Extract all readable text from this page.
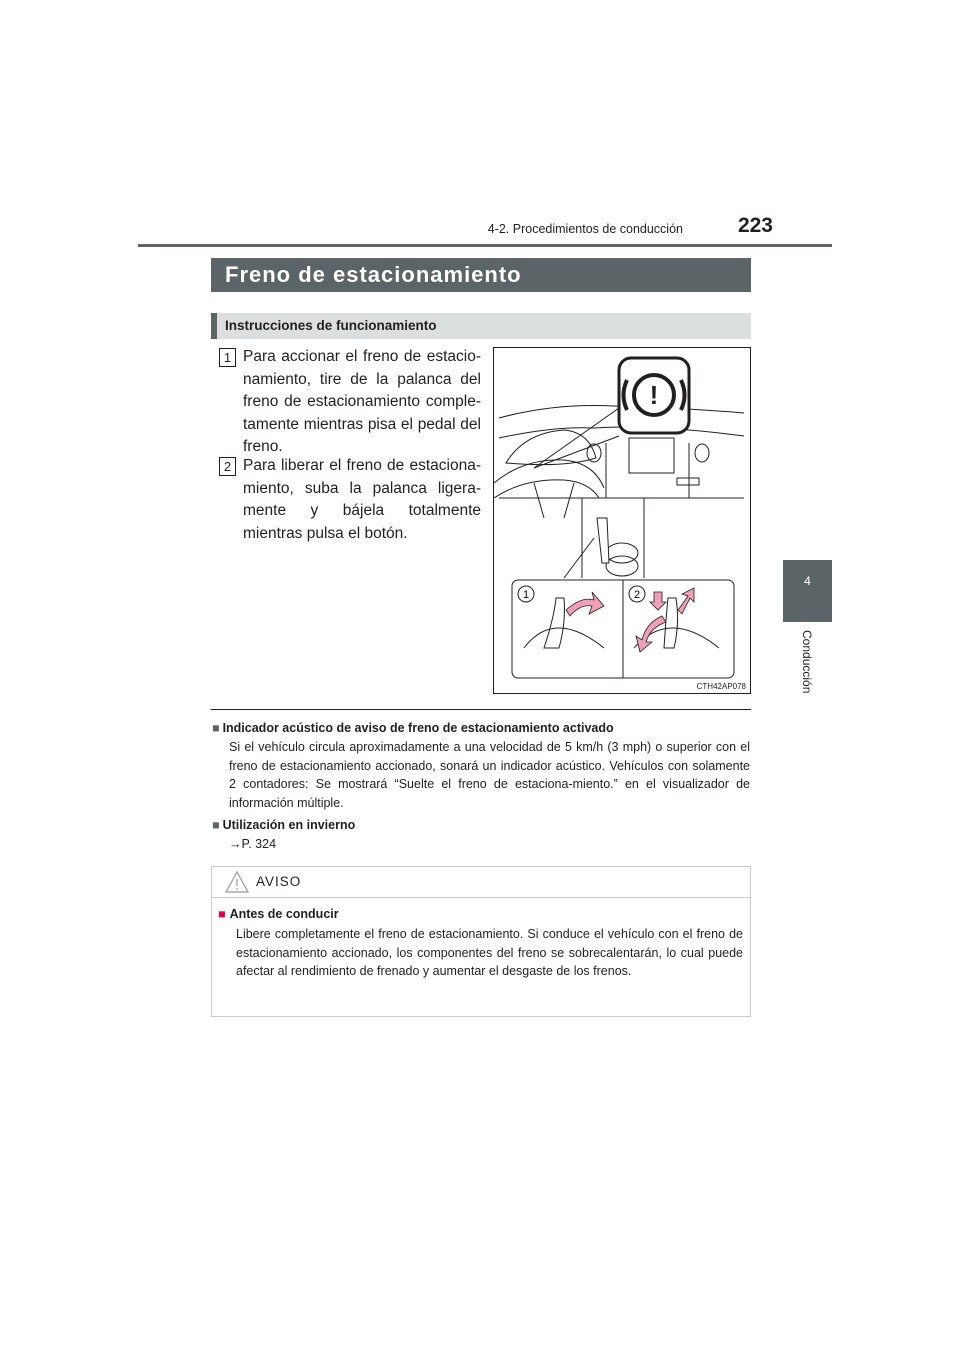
4-2. Procedimientos de conducción	223
4
Conducción
Freno de estacionamiento
Instrucciones de funcionamiento
1 Para accionar el freno de estacio-namiento, tire de la palanca del freno de estacionamiento comple-tamente mientras pisa el pedal del freno.
2 Para liberar el freno de estaciona-miento, suba la palanca ligera-mente y bájela totalmente mientras pulsa el botón.
!
1	2
CTH42AP078
■ Indicador acústico de aviso de freno de estacionamiento activado
Si el vehículo circula aproximadamente a una velocidad de 5 km/h (3 mph) o superior con el freno de estacionamiento accionado, sonará un indicador acústico. Vehículos con solamente 2 contadores: Se mostrará “Suelte el freno de estaciona-miento.” en el visualizador de información múltiple.
■ Utilización en invierno
→P. 324
AVISO
■ Antes de conducir
Libere completamente el freno de estacionamiento. Si conduce el vehículo con el freno de estacionamiento accionado, los componentes del freno se sobrecalentarán, lo cual puede afectar al rendimiento de frenado y aumentar el desgaste de los frenos.
